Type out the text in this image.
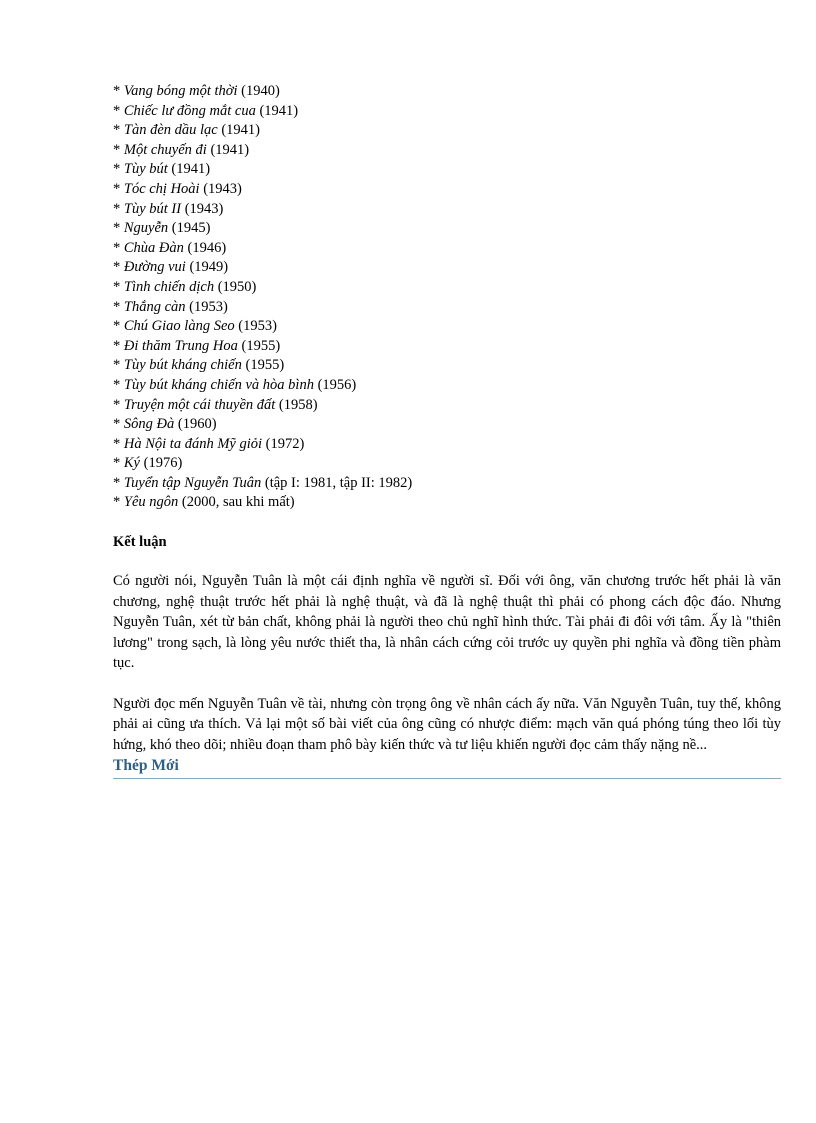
* Vang bóng một thời (1940)
* Chiếc lư đồng mắt cua (1941)
* Tàn đèn dầu lạc (1941)
* Một chuyến đi (1941)
* Tùy bút (1941)
* Tóc chị Hoài (1943)
* Tùy bút II (1943)
* Nguyễn (1945)
* Chùa Đàn (1946)
* Đường vui (1949)
* Tình chiến dịch (1950)
* Thắng càn (1953)
* Chú Giao làng Seo (1953)
* Đi thăm Trung Hoa (1955)
* Tùy bút kháng chiến (1955)
* Tùy bút kháng chiến và hòa bình (1956)
* Truyện một cái thuyền đất (1958)
* Sông Đà (1960)
* Hà Nội ta đánh Mỹ giỏi (1972)
* Ký (1976)
* Tuyển tập Nguyễn Tuân (tập I: 1981, tập II: 1982)
* Yêu ngôn (2000, sau khi mất)
Kết luận

Có người nói, Nguyễn Tuân là một cái định nghĩa về người sĩ. Đối với ông, văn chương trước hết phải là văn chương, nghệ thuật trước hết phải là nghệ thuật, và đã là nghệ thuật thì phải có phong cách độc đáo. Nhưng Nguyễn Tuân, xét từ bản chất, không phải là người theo chủ nghĩ hình thức. Tài phải đi đôi với tâm. Ấy là "thiên lương" trong sạch, là lòng yêu nước thiết tha, là nhân cách cứng cỏi trước uy quyền phi nghĩa và đồng tiền phàm tục.

Người đọc mến Nguyễn Tuân về tài, nhưng còn trọng ông về nhân cách ấy nữa. Văn Nguyễn Tuân, tuy thế, không phải ai cũng ưa thích. Vả lại một số bài viết của ông cũng có nhược điểm: mạch văn quá phóng túng theo lối tùy hứng, khó theo dõi; nhiều đoạn tham phô bày kiến thức và tư liệu khiến người đọc cảm thấy nặng nề...

Thép Mới
